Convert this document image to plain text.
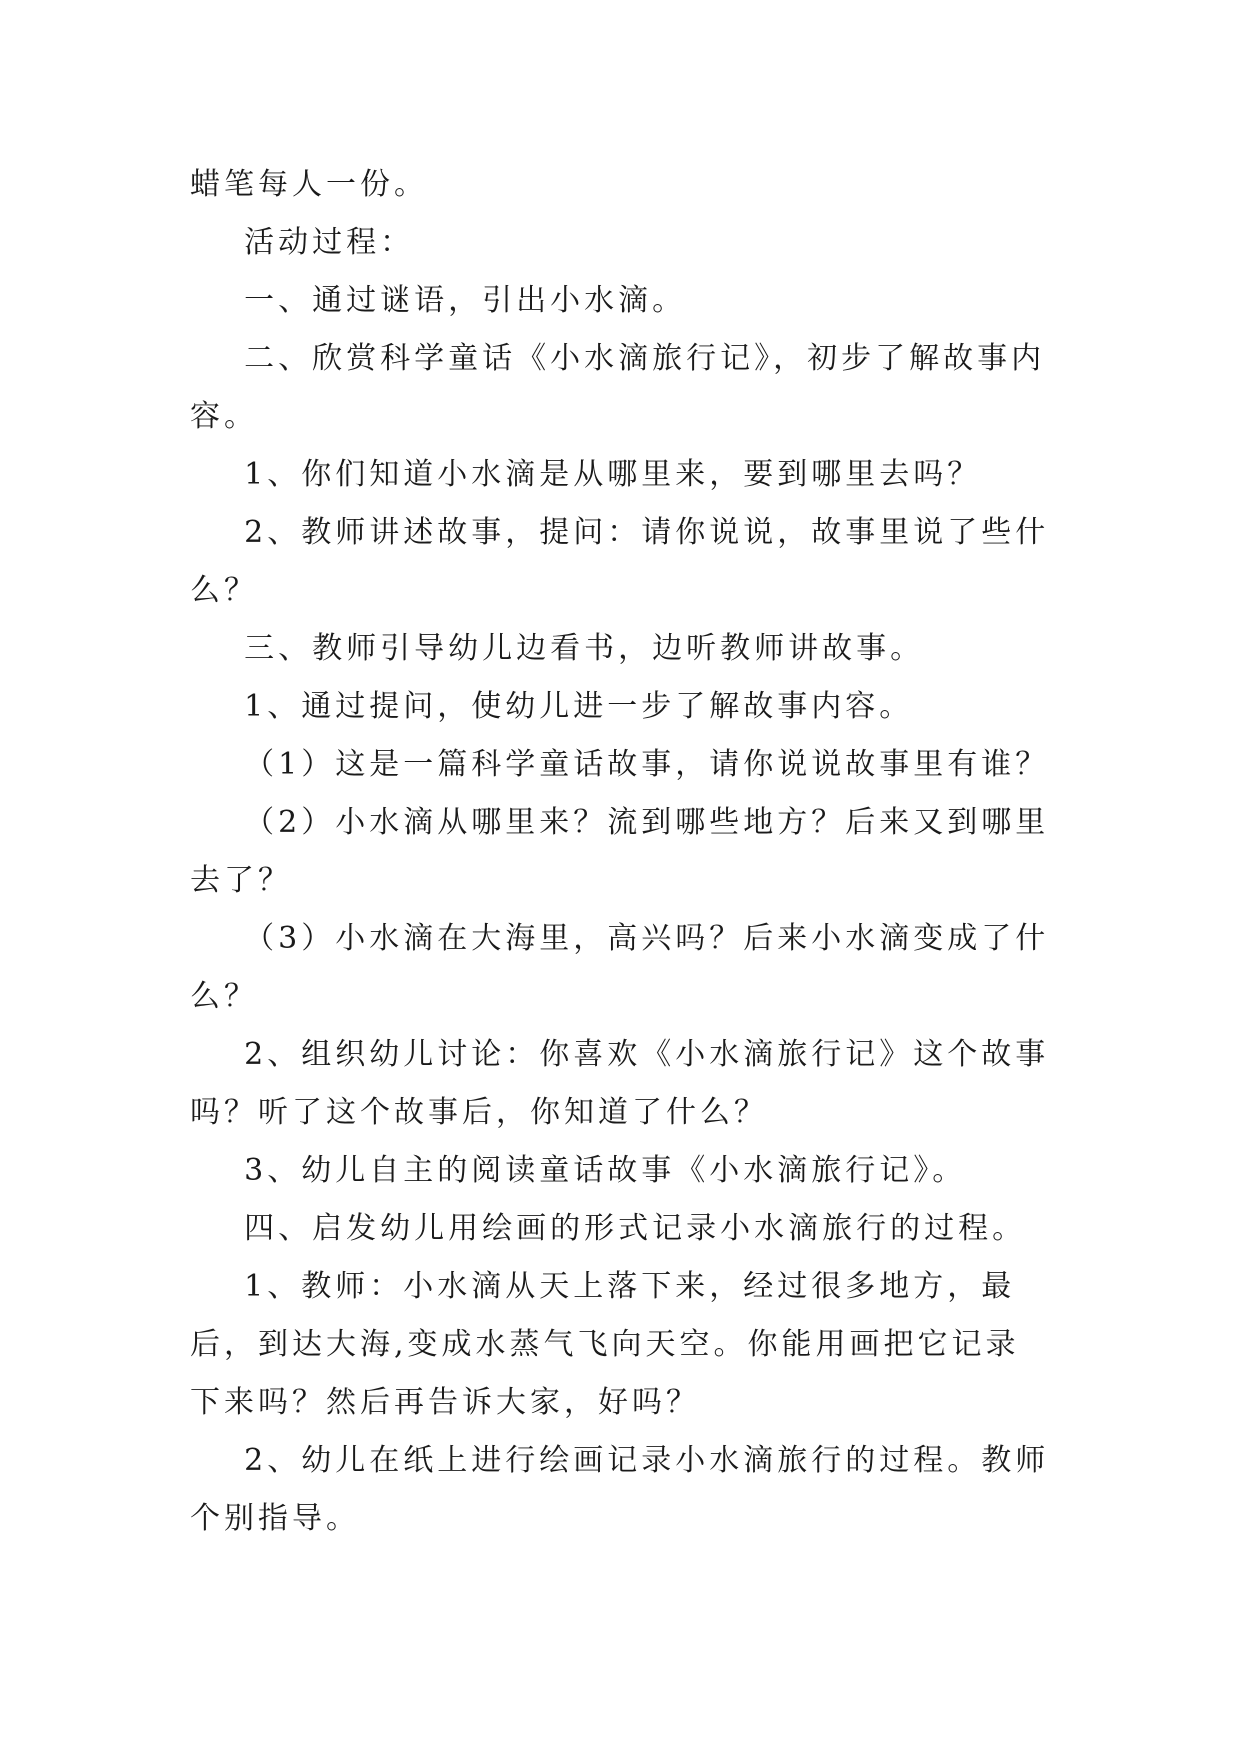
蜡笔每人一份。

活动过程：

一、通过谜语，引出小水滴。

二、欣赏科学童话《小水滴旅行记》，初步了解故事内容。

1、你们知道小水滴是从哪里来，要到哪里去吗？

2、教师讲述故事，提问：请你说说，故事里说了些什么？

三、教师引导幼儿边看书，边听教师讲故事。

1、通过提问，使幼儿进一步了解故事内容。

（1）这是一篇科学童话故事，请你说说故事里有谁？

（2）小水滴从哪里来？流到哪些地方？后来又到哪里去了？

（3）小水滴在大海里，高兴吗？后来小水滴变成了什么？

2、组织幼儿讨论：你喜欢《小水滴旅行记》这个故事吗？听了这个故事后，你知道了什么？

3、幼儿自主的阅读童话故事《小水滴旅行记》。

四、启发幼儿用绘画的形式记录小水滴旅行的过程。

1、教师：小水滴从天上落下来，经过很多地方，最后，到达大海,变成水蒸气飞向天空。你能用画把它记录下来吗？然后再告诉大家，好吗？

2、幼儿在纸上进行绘画记录小水滴旅行的过程。教师个别指导。
